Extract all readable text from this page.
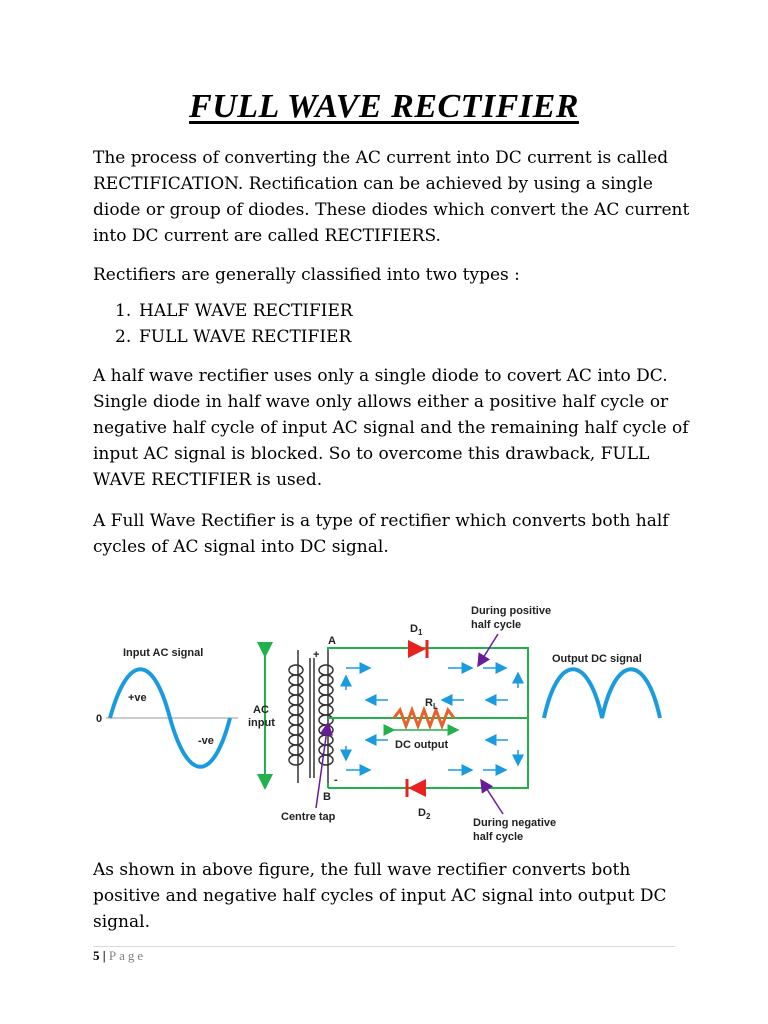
FULL WAVE RECTIFIER

The process of converting the AC current into DC current is called RECTIFICATION. Rectification can be achieved by using a single diode or group of diodes. These diodes which convert the AC current into DC current are called RECTIFIERS.

Rectifiers are generally classified into two types :

1. HALF WAVE RECTIFIER
2. FULL WAVE RECTIFIER

A half wave rectifier uses only a single diode to covert AC into DC. Single diode in half wave only allows either a positive half cycle or negative half cycle of input AC signal and the remaining half cycle of input AC signal is blocked. So to overcome this drawback, FULL WAVE RECTIFIER is used.

A Full Wave Rectifier is a type of rectifier which converts both half cycles of AC signal into DC signal.

Input AC signal
0
+ve
-ve
AC
input
A
B
+
-
$D_1$
$D_2$
$R_L$
DC output
During positive
half cycle
During negative
half cycle
Centre tap
Output DC signal

As shown in above figure, the full wave rectifier converts both positive and negative half cycles of input AC signal into output DC signal.

5 | Page
